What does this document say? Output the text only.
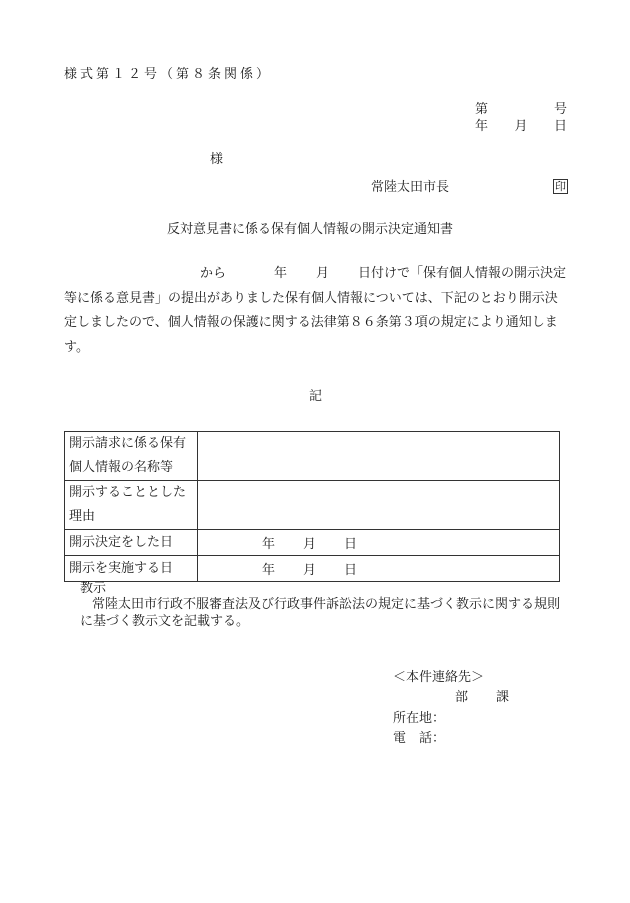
様式第１２号（第８条関係）
第	号
年 月 日
様
常陸太田市長	印
反対意見書に係る保有個人情報の開示決定通知書
から	年 月 日付けで「保有個人情報の開示決定
等に係る意見書」の提出がありました保有個人情報については、下記のとおり開示決定しましたので、個人情報の保護に関する法律第８６条第３項の規定により通知します。
記
開示請求に係る保有個人情報の名称等	
開示することとした理由	
開示決定をした日	年 月 日
開示を実施する日	年 月 日
教示
常陸太田市行政不服審査法及び行政事件訴訟法の規定に基づく教示に関する規則に基づく教示文を記載する。
＜本件連絡先＞
部 課
所在地：
電　話：
